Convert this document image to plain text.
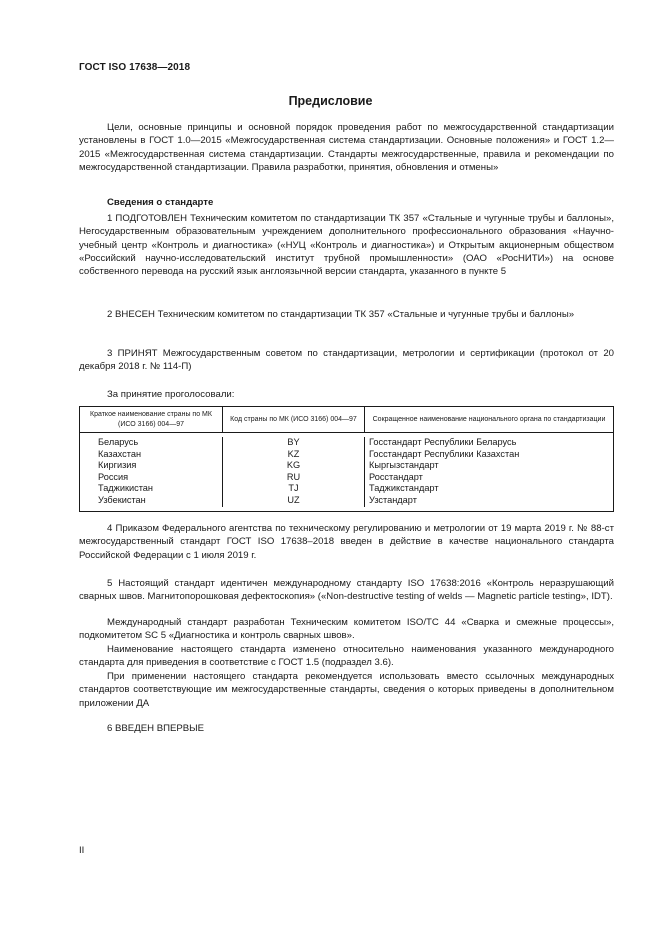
ГОСТ ISO 17638—2018
Предисловие

Цели, основные принципы и основной порядок проведения работ по межгосударственной стандартизации установлены в ГОСТ 1.0—2015 «Межгосударственная система стандартизации. Основные положения» и ГОСТ 1.2—2015 «Межгосударственная система стандартизации. Стандарты межгосударственные, правила и рекомендации по межгосударственной стандартизации. Правила разработки, принятия, обновления и отмены»

Сведения о стандарте

1 ПОДГОТОВЛЕН Техническим комитетом по стандартизации ТК 357 «Стальные и чугунные трубы и баллоны», Негосударственным образовательным учреждением дополнительного профессионального образования «Научно-учебный центр «Контроль и диагностика» («НУЦ «Контроль и диагностика») и Открытым акционерным обществом «Российский научно-исследовательский институт трубной промышленности» (ОАО «РосНИТИ») на основе собственного перевода на русский язык англоязычной версии стандарта, указанного в пункте 5

2 ВНЕСЕН Техническим комитетом по стандартизации ТК 357 «Стальные и чугунные трубы и баллоны»

3 ПРИНЯТ Межгосударственным советом по стандартизации, метрологии и сертификации (протокол от 20 декабря 2018 г. № 114-П)

За принятие проголосовали:
Краткое наименование страны по МК (ИСО 3166) 004—97
Код страны по МК (ИСО 3166) 004—97	Сокращенное наименование национального органа по стандартизации
Беларусь
Казахстан
Киргизия
Россия
Таджикистан
Узбекистан
BY
KZ
KG
RU
TJ
UZ
Госстандарт Республики Беларусь
Госстандарт Республики Казахстан
Кыргызстандарт
Росстандарт
Таджикстандарт
Узстандарт

4 Приказом Федерального агентства по техническому регулированию и метрологии от 19 марта 2019 г. № 88-ст межгосударственный стандарт ГОСТ ISO 17638–2018 введен в действие в качестве национального стандарта Российской Федерации с 1 июля 2019 г.

5 Настоящий стандарт идентичен международному стандарту ISO 17638:2016 «Контроль неразрушающий сварных швов. Магнитопорошковая дефектоскопия» («Non-destructive testing of welds — Magnetic particle testing», IDT).

Международный стандарт разработан Техническим комитетом ISO/TC 44 «Сварка и смежные процессы», подкомитетом SC 5 «Диагностика и контроль сварных швов».

Наименование настоящего стандарта изменено относительно наименования указанного международного стандарта для приведения в соответствие с ГОСТ 1.5 (подраздел 3.6).

При применении настоящего стандарта рекомендуется использовать вместо ссылочных международных стандартов соответствующие им межгосударственные стандарты, сведения о которых приведены в дополнительном приложении ДА

6 ВВЕДЕН ВПЕРВЫЕ

II
